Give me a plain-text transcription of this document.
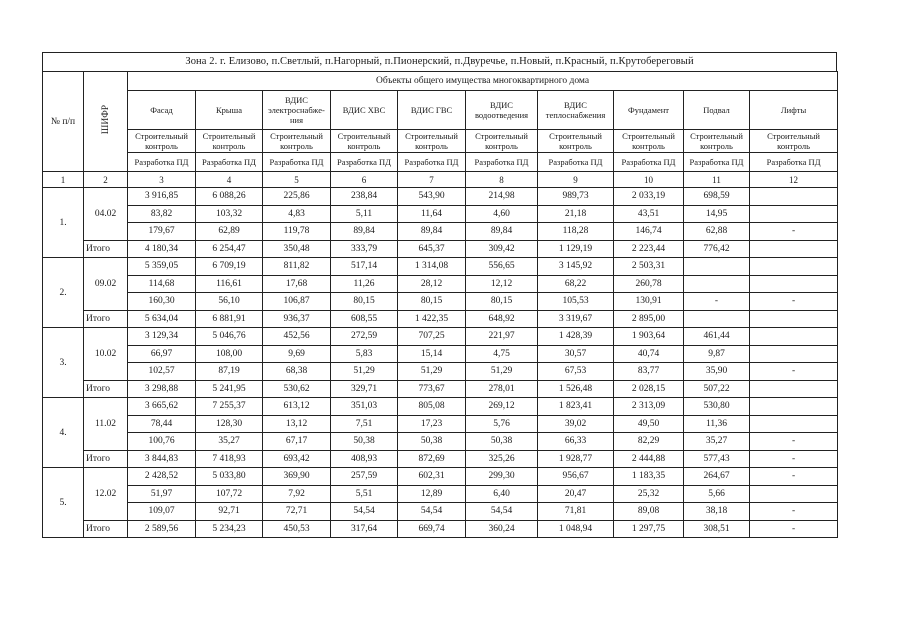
Зона 2. г. Елизово, п.Светлый, п.Нагорный, п.Пионерский, п.Двуречье, п.Новый, п.Красный, п.Крутобереговый
№ п/п	ШИФР	Объекты общего имущества многоквартирного дома									
		Фасад	Крыша	ВДИС электроснабже-ния	ВДИС ХВС	ВДИС ГВС	ВДИС водоотведения	ВДИС теплоснабжения	Фундамент	Подвал	Лифты
		Строительный контроль	Строительный контроль	Строительный контроль	Строительный контроль	Строительный контроль	Строительный контроль	Строительный контроль	Строительный контроль	Строительный контроль	Строительный контроль
		Разработка ПД	Разработка ПД	Разработка ПД	Разработка ПД	Разработка ПД	Разработка ПД	Разработка ПД	Разработка ПД	Разработка ПД	Разработка ПД
1	2	3	4	5	6	7	8	9	10	11	12
1.	04.02	3 916,85	6 088,26	225,86	238,84	543,90	214,98	989,73	2 033,19	698,59	
		83,82	103,32	4,83	5,11	11,64	4,60	21,18	43,51	14,95	
		179,67	62,89	119,78	89,84	89,84	89,84	118,28	146,74	62,88	-
	Итого	4 180,34	6 254,47	350,48	333,79	645,37	309,42	1 129,19	2 223,44	776,42	
2.	09.02	5 359,05	6 709,19	811,82	517,14	1 314,08	556,65	3 145,92	2 503,31		
		114,68	116,61	17,68	11,26	28,12	12,12	68,22	260,78		
		160,30	56,10	106,87	80,15	80,15	80,15	105,53	130,91	-	-
	Итого	5 634,04	6 881,91	936,37	608,55	1 422,35	648,92	3 319,67	2 895,00		
3.	10.02	3 129,34	5 046,76	452,56	272,59	707,25	221,97	1 428,39	1 903,64	461,44	
		66,97	108,00	9,69	5,83	15,14	4,75	30,57	40,74	9,87	
		102,57	87,19	68,38	51,29	51,29	51,29	67,53	83,77	35,90	-
	Итого	3 298,88	5 241,95	530,62	329,71	773,67	278,01	1 526,48	2 028,15	507,22	
4.	11.02	3 665,62	7 255,37	613,12	351,03	805,08	269,12	1 823,41	2 313,09	530,80	
		78,44	128,30	13,12	7,51	17,23	5,76	39,02	49,50	11,36	
		100,76	35,27	67,17	50,38	50,38	50,38	66,33	82,29	35,27	-
	Итого	3 844,83	7 418,93	693,42	408,93	872,69	325,26	1 928,77	2 444,88	577,43	-
5.	12.02	2 428,52	5 033,80	369,90	257,59	602,31	299,30	956,67	1 183,35	264,67	-
		51,97	107,72	7,92	5,51	12,89	6,40	20,47	25,32	5,66	
		109,07	92,71	72,71	54,54	54,54	54,54	71,81	89,08	38,18	-
	Итого	2 589,56	5 234,23	450,53	317,64	669,74	360,24	1 048,94	1 297,75	308,51	-
